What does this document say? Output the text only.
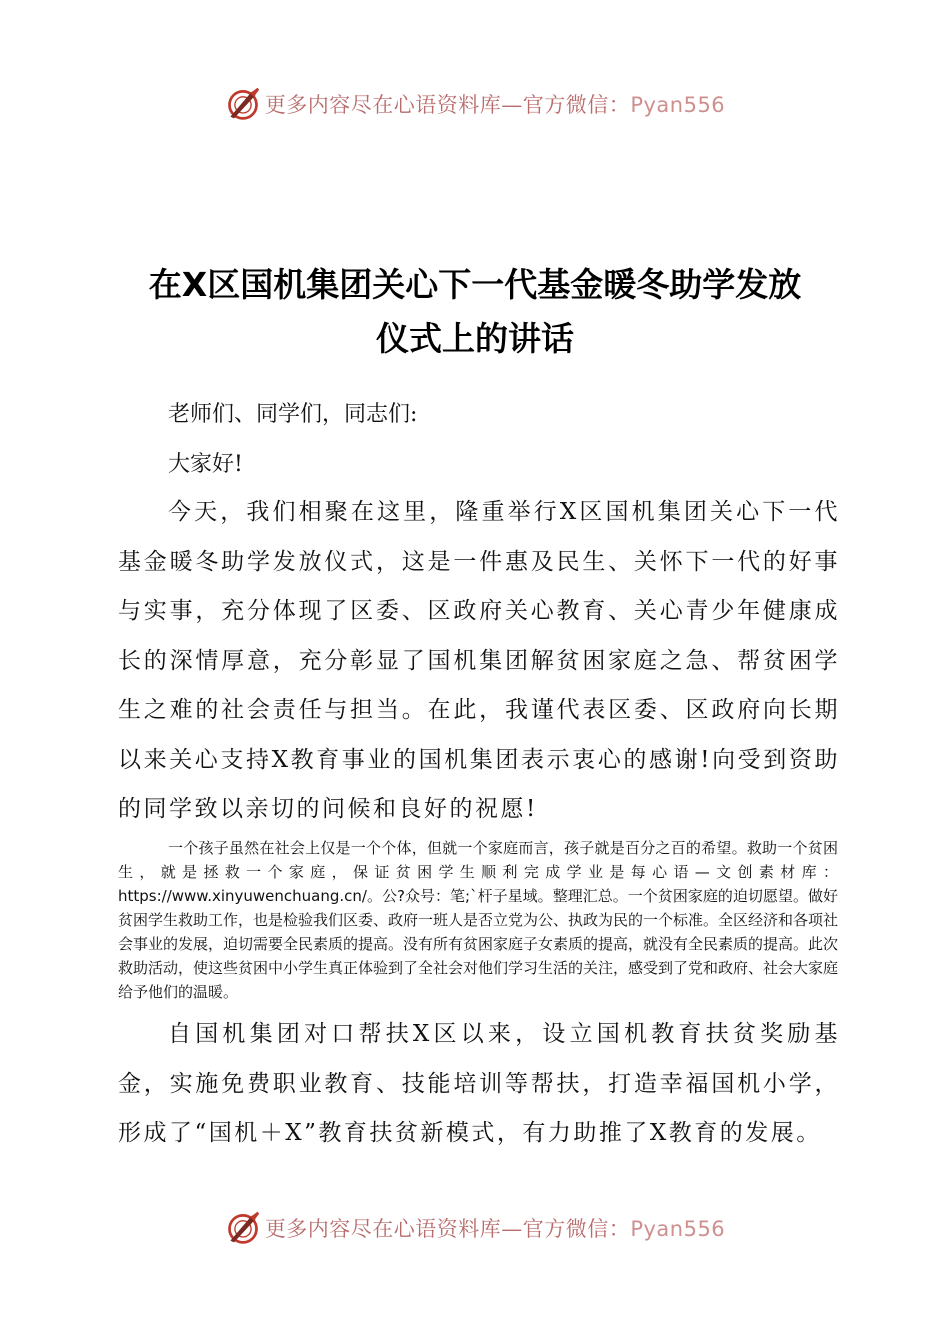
更多内容尽在心语资料库—官方微信：Pyan556
在X区国机集团关心下一代基金暖冬助学发放
仪式上的讲话
老师们、同学们，同志们:
大家好!
今天，我们相聚在这里，隆重举行X区国机集团关心下一代基金暖冬助学发放仪式，这是一件惠及民生、关怀下一代的好事与实事，充分体现了区委、区政府关心教育、关心青少年健康成长的深情厚意，充分彰显了国机集团解贫困家庭之急、帮贫困学生之难的社会责任与担当。在此，我谨代表区委、区政府向长期以来关心支持X教育事业的国机集团表示衷心的感谢!向受到资助的同学致以亲切的问候和良好的祝愿!
一个孩子虽然在社会上仅是一个个体，但就一个家庭而言，孩子就是百分之百的希望。救助一个贫困生，就是拯救一个家庭，保证贫困学生顺利完成学业是每心语—文创素材库：https://www.xinyuwenchuang.cn/。公?众号：笔;`杆子星域。整理汇总。一个贫困家庭的迫切愿望。做好贫困学生救助工作，也是检验我们区委、政府一班人是否立党为公、执政为民的一个标准。全区经济和各项社会事业的发展，迫切需要全民素质的提高。没有所有贫困家庭子女素质的提高，就没有全民素质的提高。此次救助活动，使这些贫困中小学生真正体验到了全社会对他们学习生活的关注，感受到了党和政府、社会大家庭给予他们的温暖。
自国机集团对口帮扶X区以来，设立国机教育扶贫奖励基金，实施免费职业教育、技能培训等帮扶，打造幸福国机小学，形成了“国机＋X”教育扶贫新模式，有力助推了X教育的发展。
更多内容尽在心语资料库—官方微信：Pyan556
